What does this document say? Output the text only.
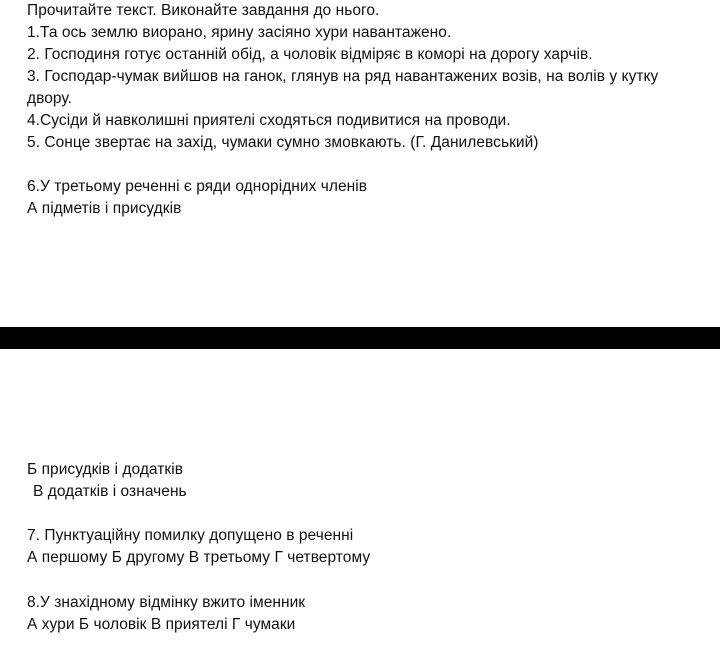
Прочитайте текст. Виконайте завдання до нього.
1.Та ось землю виорано, ярину засіяно хури навантажено.
2. Господиня готує останній обід, а чоловік відміряє в коморі на дорогу харчів.
3. Господар-чумак вийшов на ганок, глянув на ряд навантажених возів, на волів у кутку
двору.
4.Сусіди й навколишні приятелі сходяться подивитися на проводи.
5. Сонце звертає на захід, чумаки сумно змовкають. (Г. Данилевський)
6.У третьому реченні є ряди однорідних членів
А підметів і присудків
Б присудків і додатків
В додатків і означень
7. Пунктуаційну помилку допущено в реченні
А першому Б другому В третьому Г четвертому
8.У знахідному відмінку вжито іменник
А хури Б чоловік В приятелі Г чумаки
